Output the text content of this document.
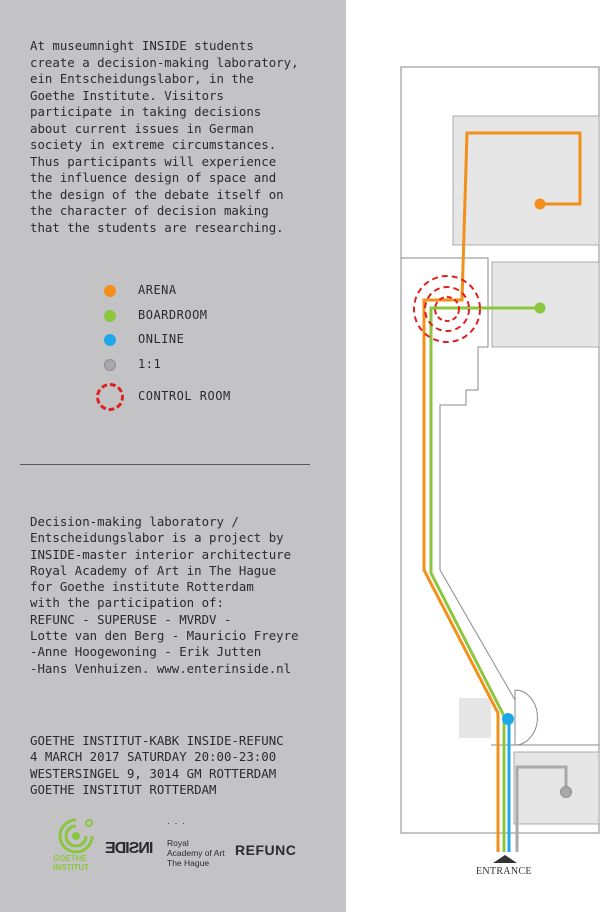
At museumnight INSIDE students
create a decision-making laboratory,
ein Entscheidungslabor, in the
Goethe Institute. Visitors
participate in taking decisions
about current issues in German
society in extreme circumstances.
Thus participants will experience
the influence design of space and
the design of the debate itself on
the character of decision making
that the students are researching.
ARENA
BOARDROOM
ONLINE
1:1
CONTROL ROOM
Decision-making laboratory /
Entscheidungslabor is a project by
INSIDE-master interior architecture
Royal Academy of Art in The Hague
for Goethe institute Rotterdam
with the participation of:
REFUNC - SUPERUSE - MVRDV -
Lotte van den Berg - Mauricio Freyre
-Anne Hoogewoning - Erik Jutten
-Hans Venhuizen. www.enterinside.nl
GOETHE INSTITUT-KABK INSIDE-REFUNC
4 MARCH 2017 SATURDAY 20:00-23:00
WESTERSINGEL 9, 3014 GM ROTTERDAM
GOETHE INSTITUT ROTTERDAM
GOETHE
INSTITUT
INSIDE
· · ·
Royal
Academy of Art
The Hague
REFUNC
ENTRANCE
